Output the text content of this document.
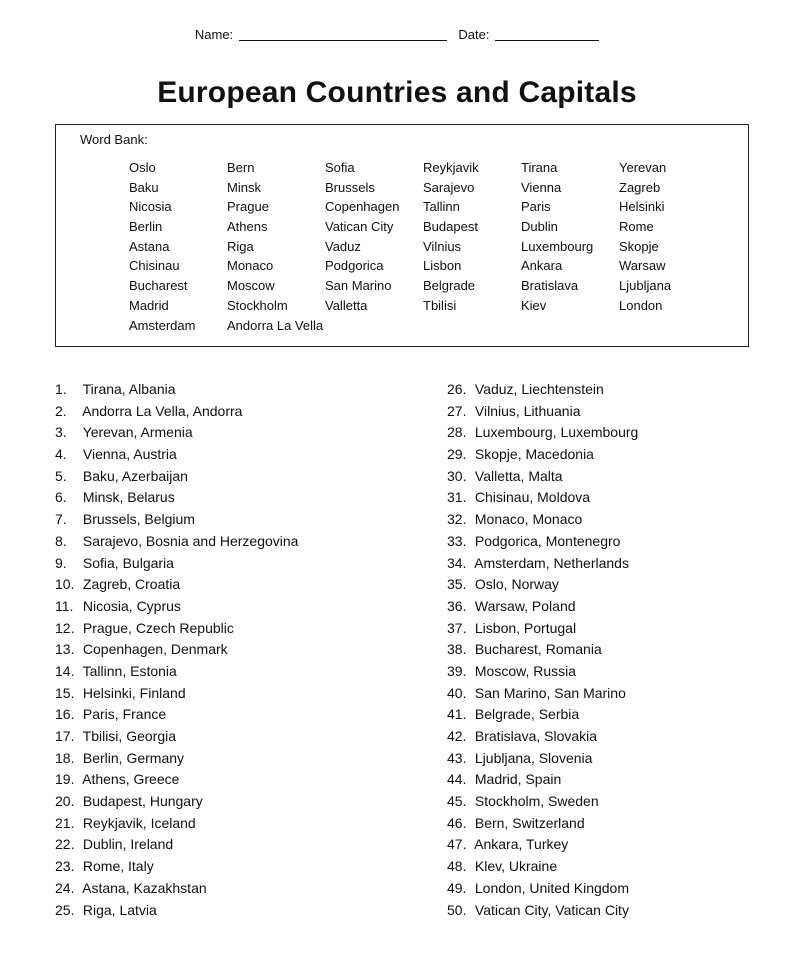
Name:	Date:
European Countries and Capitals
Word Bank:
Oslo	Bern	Sofia	Reykjavik	Tirana	Yerevan
Baku	Minsk	Brussels	Sarajevo	Vienna	Zagreb
Nicosia	Prague	Copenhagen	Tallinn	Paris	Helsinki
Berlin	Athens	Vatican City	Budapest	Dublin	Rome
Astana	Riga	Vaduz	Vilnius	Luxembourg	Skopje
Chisinau	Monaco	Podgorica	Lisbon	Ankara	Warsaw
Bucharest	Moscow	San Marino	Belgrade	Bratislava	Ljubljana
Madrid	Stockholm	Valletta	Tbilisi	Kiev	London
Amsterdam	Andorra La Vella
1. Tirana, Albania
2. Andorra La Vella, Andorra
3. Yerevan, Armenia
4. Vienna, Austria
5. Baku, Azerbaijan
6. Minsk, Belarus
7. Brussels, Belgium
8. Sarajevo, Bosnia and Herzegovina
9. Sofia, Bulgaria
10. Zagreb, Croatia
11. Nicosia, Cyprus
12. Prague, Czech Republic
13. Copenhagen, Denmark
14. Tallinn, Estonia
15. Helsinki, Finland
16. Paris, France
17. Tbilisi, Georgia
18. Berlin, Germany
19. Athens, Greece
20. Budapest, Hungary
21. Reykjavik, Iceland
22. Dublin, Ireland
23. Rome, Italy
24. Astana, Kazakhstan
25. Riga, Latvia
26. Vaduz, Liechtenstein
27. Vilnius, Lithuania
28. Luxembourg, Luxembourg
29. Skopje, Macedonia
30. Valletta, Malta
31. Chisinau, Moldova
32. Monaco, Monaco
33. Podgorica, Montenegro
34. Amsterdam, Netherlands
35. Oslo, Norway
36. Warsaw, Poland
37. Lisbon, Portugal
38. Bucharest, Romania
39. Moscow, Russia
40. San Marino, San Marino
41. Belgrade, Serbia
42. Bratislava, Slovakia
43. Ljubljana, Slovenia
44. Madrid, Spain
45. Stockholm, Sweden
46. Bern, Switzerland
47. Ankara, Turkey
48. Klev, Ukraine
49. London, United Kingdom
50. Vatican City, Vatican City
